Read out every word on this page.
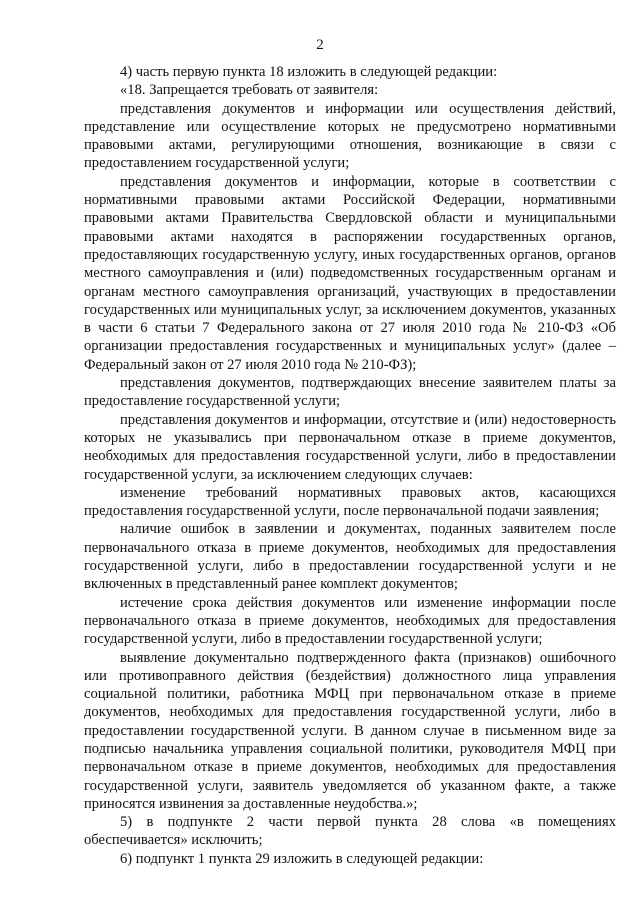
2

4) часть первую пункта 18 изложить в следующей редакции:

«18. Запрещается требовать от заявителя:

представления документов и информации или осуществления действий, представление или осуществление которых не предусмотрено нормативными правовыми актами, регулирующими отношения, возникающие в связи с предоставлением государственной услуги;

представления документов и информации, которые в соответствии с нормативными правовыми актами Российской Федерации, нормативными правовыми актами Правительства Свердловской области и муниципальными правовыми актами находятся в распоряжении государственных органов, предоставляющих государственную услугу, иных государственных органов, органов местного самоуправления и (или) подведомственных государственным органам и органам местного самоуправления организаций, участвующих в предоставлении государственных или муниципальных услуг, за исключением документов, указанных в части 6 статьи 7 Федерального закона от 27 июля 2010 года № 210-ФЗ «Об организации предоставления государственных и муниципальных услуг» (далее – Федеральный закон от 27 июля 2010 года № 210-ФЗ);

представления документов, подтверждающих внесение заявителем платы за предоставление государственной услуги;

представления документов и информации, отсутствие и (или) недостоверность которых не указывались при первоначальном отказе в приеме документов, необходимых для предоставления государственной услуги, либо в предоставлении государственной услуги, за исключением следующих случаев:

изменение требований нормативных правовых актов, касающихся предоставления государственной услуги, после первоначальной подачи заявления;

наличие ошибок в заявлении и документах, поданных заявителем после первоначального отказа в приеме документов, необходимых для предоставления государственной услуги, либо в предоставлении государственной услуги и не включенных в представленный ранее комплект документов;

истечение срока действия документов или изменение информации после первоначального отказа в приеме документов, необходимых для предоставления государственной услуги, либо в предоставлении государственной услуги;

выявление документально подтвержденного факта (признаков) ошибочного или противоправного действия (бездействия) должностного лица управления социальной политики, работника МФЦ при первоначальном отказе в приеме документов, необходимых для предоставления государственной услуги, либо в предоставлении государственной услуги. В данном случае в письменном виде за подписью начальника управления социальной политики, руководителя МФЦ при первоначальном отказе в приеме документов, необходимых для предоставления государственной услуги, заявитель уведомляется об указанном факте, а также приносятся извинения за доставленные неудобства.»;

5) в подпункте 2 части первой пункта 28 слова «в помещениях обеспечивается» исключить;

6) подпункт 1 пункта 29 изложить в следующей редакции:
